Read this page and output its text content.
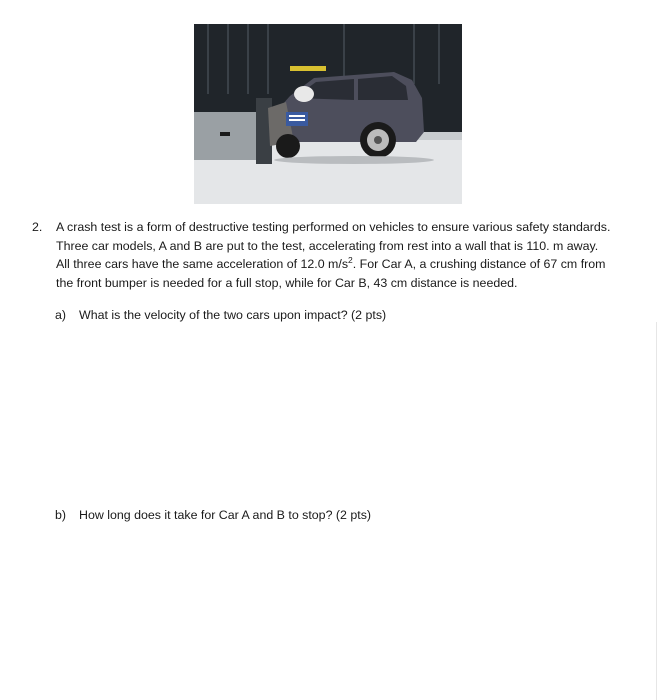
2. A crash test is a form of destructive testing performed on vehicles to ensure various safety standards.
Three car models, A and B are put to the test, accelerating from rest into a wall that is 110. m away.
All three cars have the same acceleration of 12.0 $m/s^2$. For Car A, a crushing distance of 67 cm from
the front bumper is needed for a full stop, while for Car B, 43 cm distance is needed.
a) What is the velocity of the two cars upon impact? (2 pts)
b) How long does it take for Car A and B to stop? (2 pts)
